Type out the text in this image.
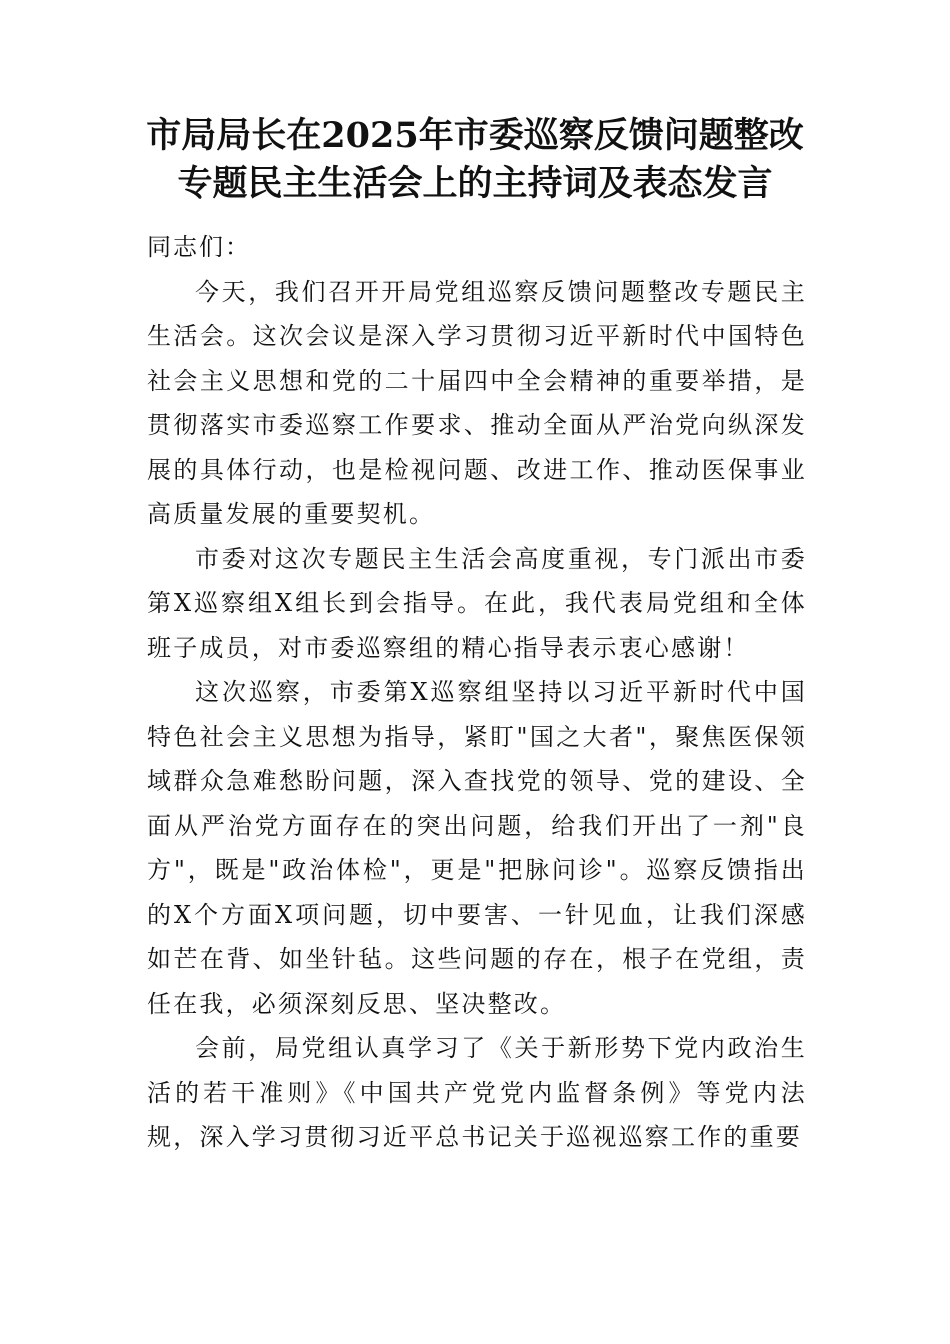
市局局长在2025年市委巡察反馈问题整改
专题民主生活会上的主持词及表态发言

同志们：

今天，我们召开开局党组巡察反馈问题整改专题民主生活会。这次会议是深入学习贯彻习近平新时代中国特色社会主义思想和党的二十届四中全会精神的重要举措，是贯彻落实市委巡察工作要求、推动全面从严治党向纵深发展的具体行动，也是检视问题、改进工作、推动医保事业高质量发展的重要契机。

市委对这次专题民主生活会高度重视，专门派出市委第X巡察组X组长到会指导。在此，我代表局党组和全体班子成员，对市委巡察组的精心指导表示衷心感谢！

这次巡察，市委第X巡察组坚持以习近平新时代中国特色社会主义思想为指导，紧盯"国之大者"，聚焦医保领域群众急难愁盼问题，深入查找党的领导、党的建设、全面从严治党方面存在的突出问题，给我们开出了一剂"良方"，既是"政治体检"，更是"把脉问诊"。巡察反馈指出的X个方面X项问题，切中要害、一针见血，让我们深感如芒在背、如坐针毡。这些问题的存在，根子在党组，责任在我，必须深刻反思、坚决整改。

会前，局党组认真学习了《关于新形势下党内政治生活的若干准则》《中国共产党党内监督条例》等党内法规，深入学习贯彻习近平总书记关于巡视巡察工作的重要
